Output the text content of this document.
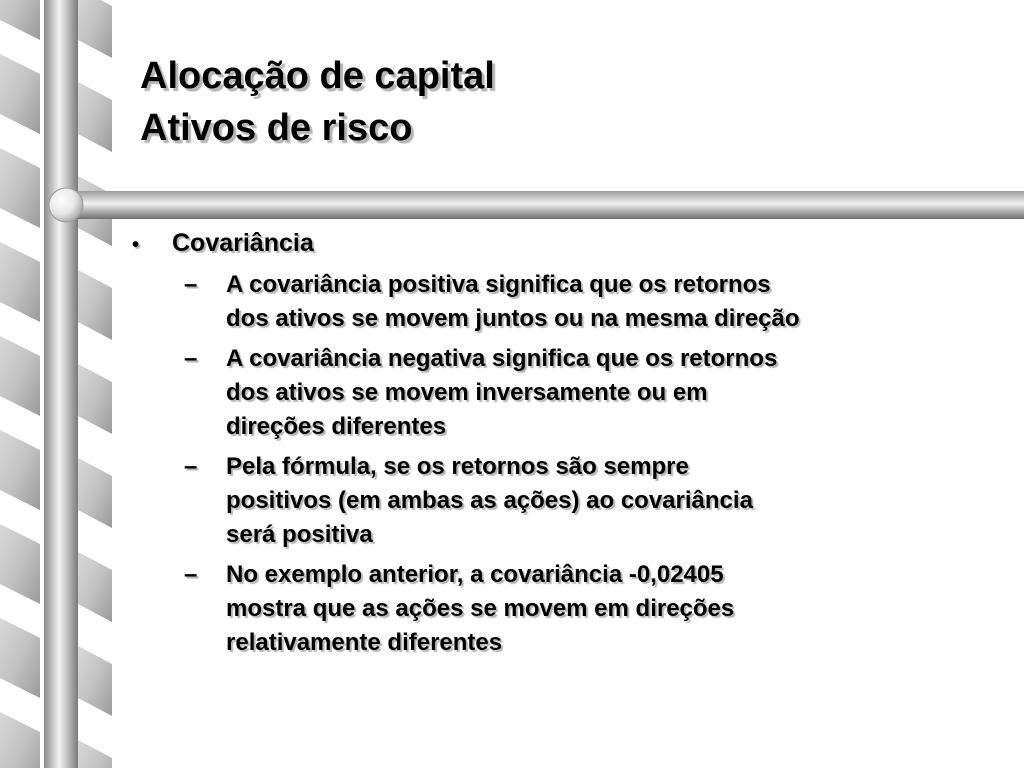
Alocação de capital
Ativos de risco
•	Covariância
–	A covariância positiva significa que os retornos
dos ativos se movem juntos ou na mesma direção
–	A covariância negativa significa que os retornos
dos ativos se movem inversamente ou em
direções diferentes
–	Pela fórmula, se os retornos são sempre
positivos (em ambas as ações) ao covariância
será positiva
–	No exemplo anterior, a covariância -0,02405
mostra que as ações se movem em direções
relativamente diferentes
